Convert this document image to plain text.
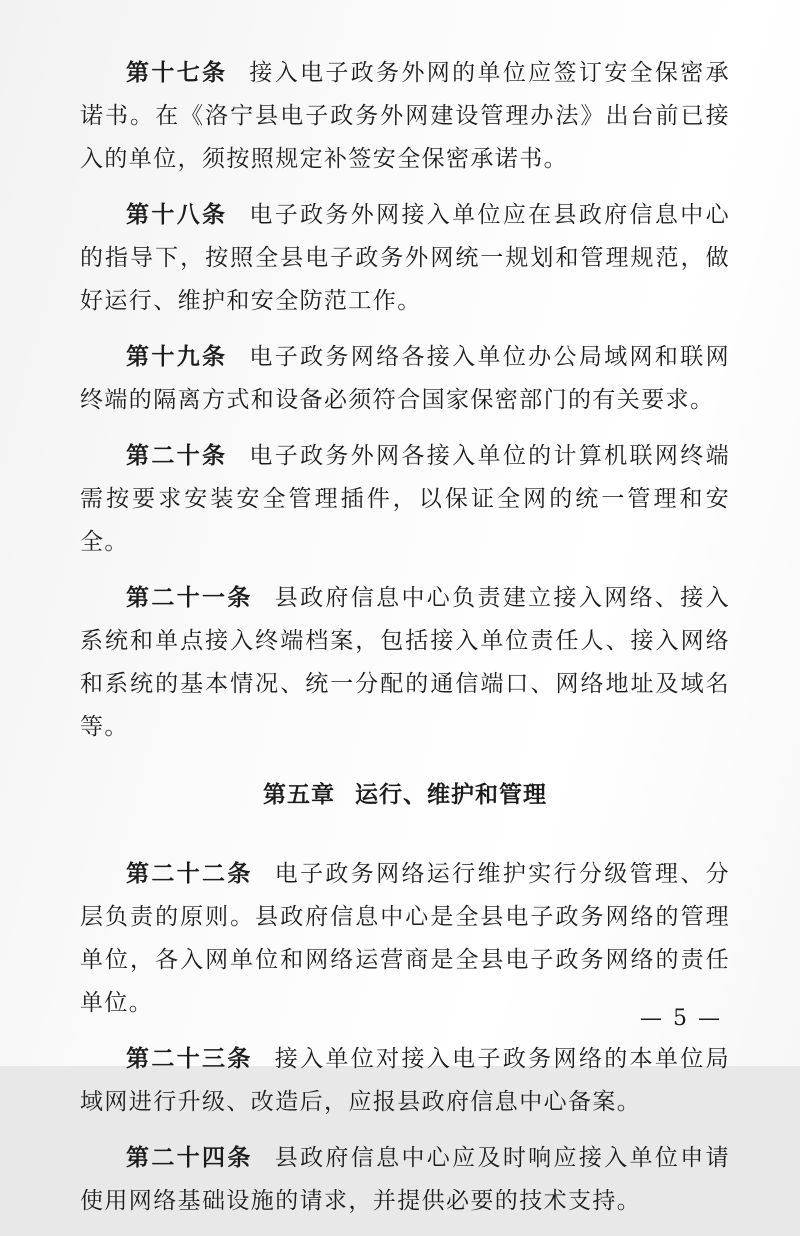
第十七条 接入电子政务外网的单位应签订安全保密承诺书。在《洛宁县电子政务外网建设管理办法》出台前已接入的单位，须按照规定补签安全保密承诺书。

第十八条 电子政务外网接入单位应在县政府信息中心的指导下，按照全县电子政务外网统一规划和管理规范，做好运行、维护和安全防范工作。

第十九条 电子政务网络各接入单位办公局域网和联网终端的隔离方式和设备必须符合国家保密部门的有关要求。

第二十条 电子政务外网各接入单位的计算机联网终端需按要求安装安全管理插件，以保证全网的统一管理和安全。

第二十一条 县政府信息中心负责建立接入网络、接入系统和单点接入终端档案，包括接入单位责任人、接入网络和系统的基本情况、统一分配的通信端口、网络地址及域名等。

第五章 运行、维护和管理

第二十二条 电子政务网络运行维护实行分级管理、分层负责的原则。县政府信息中心是全县电子政务网络的管理单位，各入网单位和网络运营商是全县电子政务网络的责任单位。

第二十三条 接入单位对接入电子政务网络的本单位局域网进行升级、改造后，应报县政府信息中心备案。

第二十四条 县政府信息中心应及时响应接入单位申请使用网络基础设施的请求，并提供必要的技术支持。

— 5 —
